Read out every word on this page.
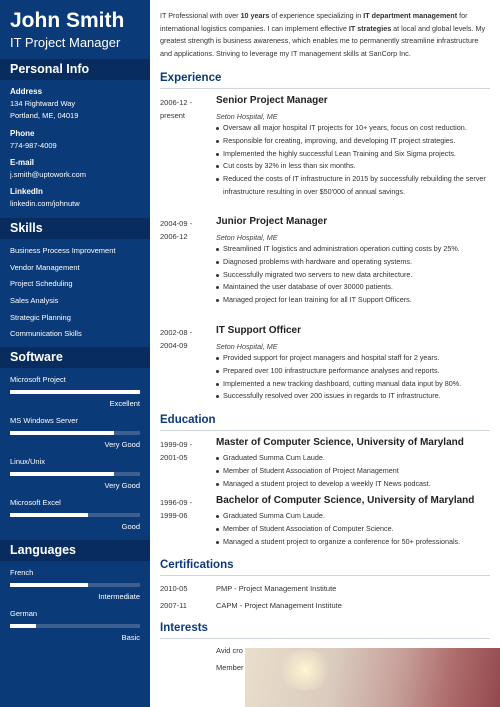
John Smith
IT Project Manager
Personal Info
Address
134 Rightward Way
Portland, ME, 04019
Phone
774-987-4009
E-mail
j.smith@uptowork.com
LinkedIn
linkedin.com/johnutw
Skills
Business Process Improvement
Vendor Management
Project Scheduling
Sales Analysis
Strategic Planning
Communication Skills
Software
Microsoft Project
Excellent
MS Windows Server
Very Good
Linux/Unix
Very Good
Microsoft Excel
Good
Languages
French
Intermediate
German
Basic
IT Professional with over 10 years of experience specializing in IT department management for international logistics companies. I can implement effective IT strategies at local and global levels. My greatest strength is business awareness, which enables me to permanently streamline infrastructure and applications. Striving to leverage my IT management skills at SanCorp Inc.
Experience
2006-12 -
present
Senior Project Manager
Seton Hospital, ME
Oversaw all major hospital IT projects for 10+ years, focus on cost reduction.
Responsible for creating, improving, and developing IT project strategies.
Implemented the highly successful Lean Training and Six Sigma projects.
Cut costs by 32% in less than six months.
Reduced the costs of IT infrastructure in 2015 by successfully rebuilding the server infrastructure resulting in over $50'000 of annual savings.
2004-09 -
2006-12
Junior Project Manager
Seton Hospital, ME
Streamlined IT logistics and administration operation cutting costs by 25%.
Diagnosed problems with hardware and operating systems.
Successfully migrated two servers to new data architecture.
Maintained the user database of over 30000 patients.
Managed project for lean training for all IT Support Officers.
2002-08 -
2004-09
IT Support Officer
Seton Hospital, ME
Provided support for project managers and hospital staff for 2 years.
Prepared over 100 infrastructure performance analyses and reports.
Implemented a new tracking dashboard, cutting manual data input by 80%.
Successfully resolved over 200 issues in regards to IT infrastructure.
Education
1999-09 -
2001-05
Master of Computer Science, University of Maryland
Graduated Summa Cum Laude.
Member of Student Association of Project Management
Managed a student project to develop a weekly IT News podcast.
1996-09 -
1999-06
Bachelor of Computer Science, University of Maryland
Graduated Summa Cum Laude.
Member of Student Association of Computer Science.
Managed a student project to organize a conference for 50+ professionals.
Certifications
2010-05	PMP - Project Management Institute
2007-11	CAPM - Project Management Institute
Interests
Avid cro
Member
